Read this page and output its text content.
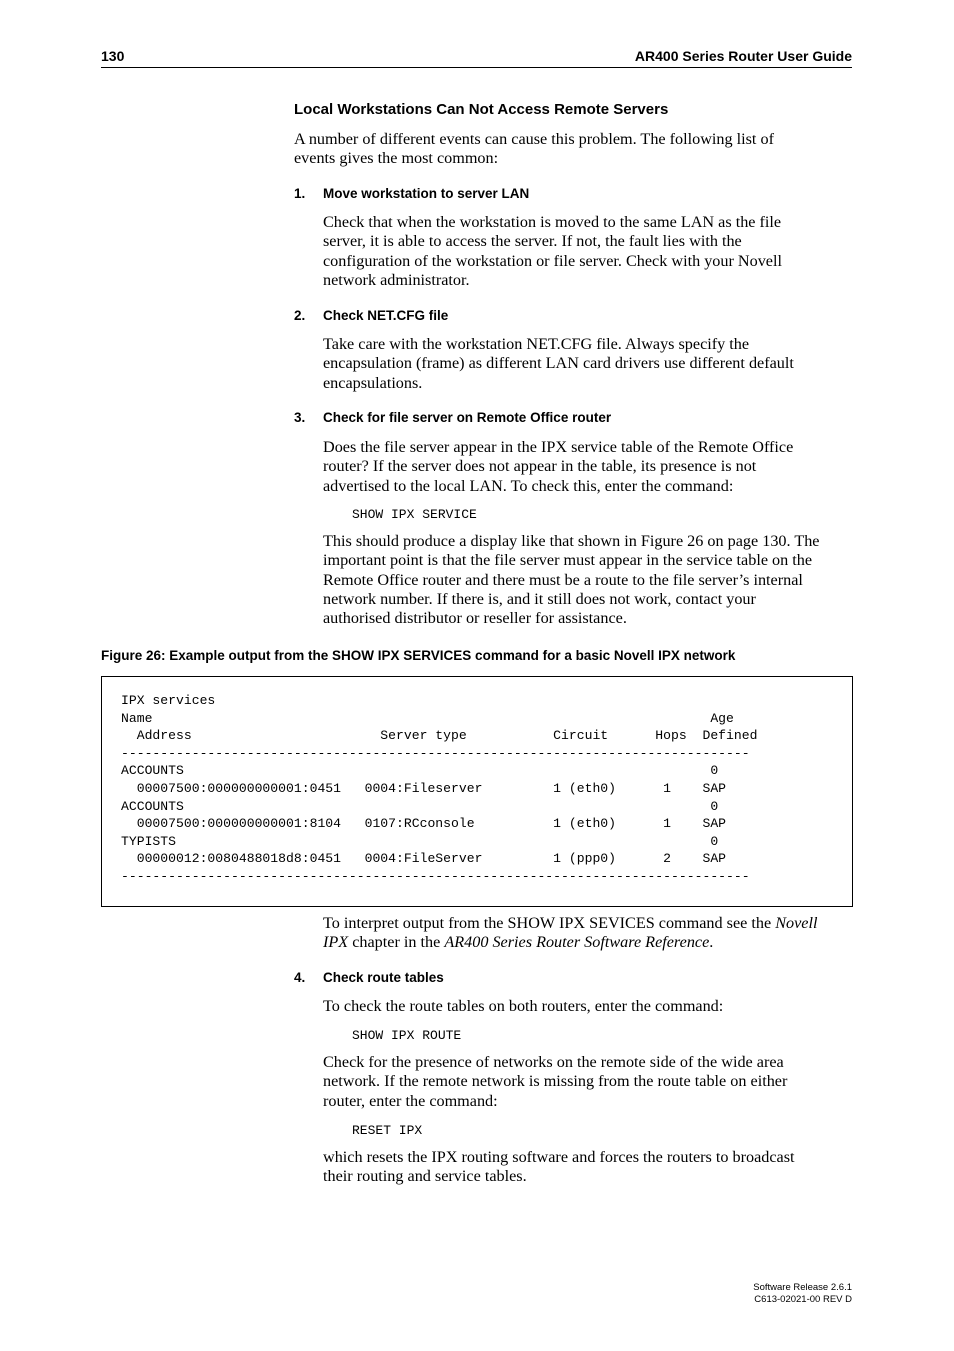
130	AR400 Series Router User Guide
Local Workstations Can Not Access Remote Servers
A number of different events can cause this problem. The following list of
events gives the most common:
1. Move workstation to server LAN
Check that when the workstation is moved to the same LAN as the file
server, it is able to access the server. If not, the fault lies with the
configuration of the workstation or file server. Check with your Novell
network administrator.
2. Check NET.CFG file
Take care with the workstation NET.CFG file. Always specify the
encapsulation (frame) as different LAN card drivers use different default
encapsulations.
3. Check for file server on Remote Office router
Does the file server appear in the IPX service table of the Remote Office
router? If the server does not appear in the table, its presence is not
advertised to the local LAN. To check this, enter the command:
SHOW IPX SERVICE
This should produce a display like that shown in Figure 26 on page 130. The
important point is that the file server must appear in the service table on the
Remote Office router and there must be a route to the file server’s internal
network number. If there is, and it still does not work, contact your
authorised distributor or reseller for assistance.
Figure 26: Example output from the SHOW IPX SERVICES command for a basic Novell IPX network
IPX services
Name                                                                       Age
Address                        Server type           Circuit      Hops  Defined
--------------------------------------------------------------------------------
ACCOUNTS                                                                   0
00007500:000000000001:0451   0004:Fileserver         1 (eth0)      1    SAP
ACCOUNTS                                                                   0
00007500:000000000001:8104   0107:RCconsole          1 (eth0)      1    SAP
TYPISTS                                                                    0
00000012:0080488018d8:0451   0004:FileServer         1 (ppp0)      2    SAP
--------------------------------------------------------------------------------
To interpret output from the SHOW IPX SEVICES command see the Novell
IPX chapter in the AR400 Series Router Software Reference.
4. Check route tables
To check the route tables on both routers, enter the command:
SHOW IPX ROUTE
Check for the presence of networks on the remote side of the wide area
network. If the remote network is missing from the route table on either
router, enter the command:
RESET IPX
which resets the IPX routing software and forces the routers to broadcast
their routing and service tables.
Software Release 2.6.1
C613-02021-00 REV D
